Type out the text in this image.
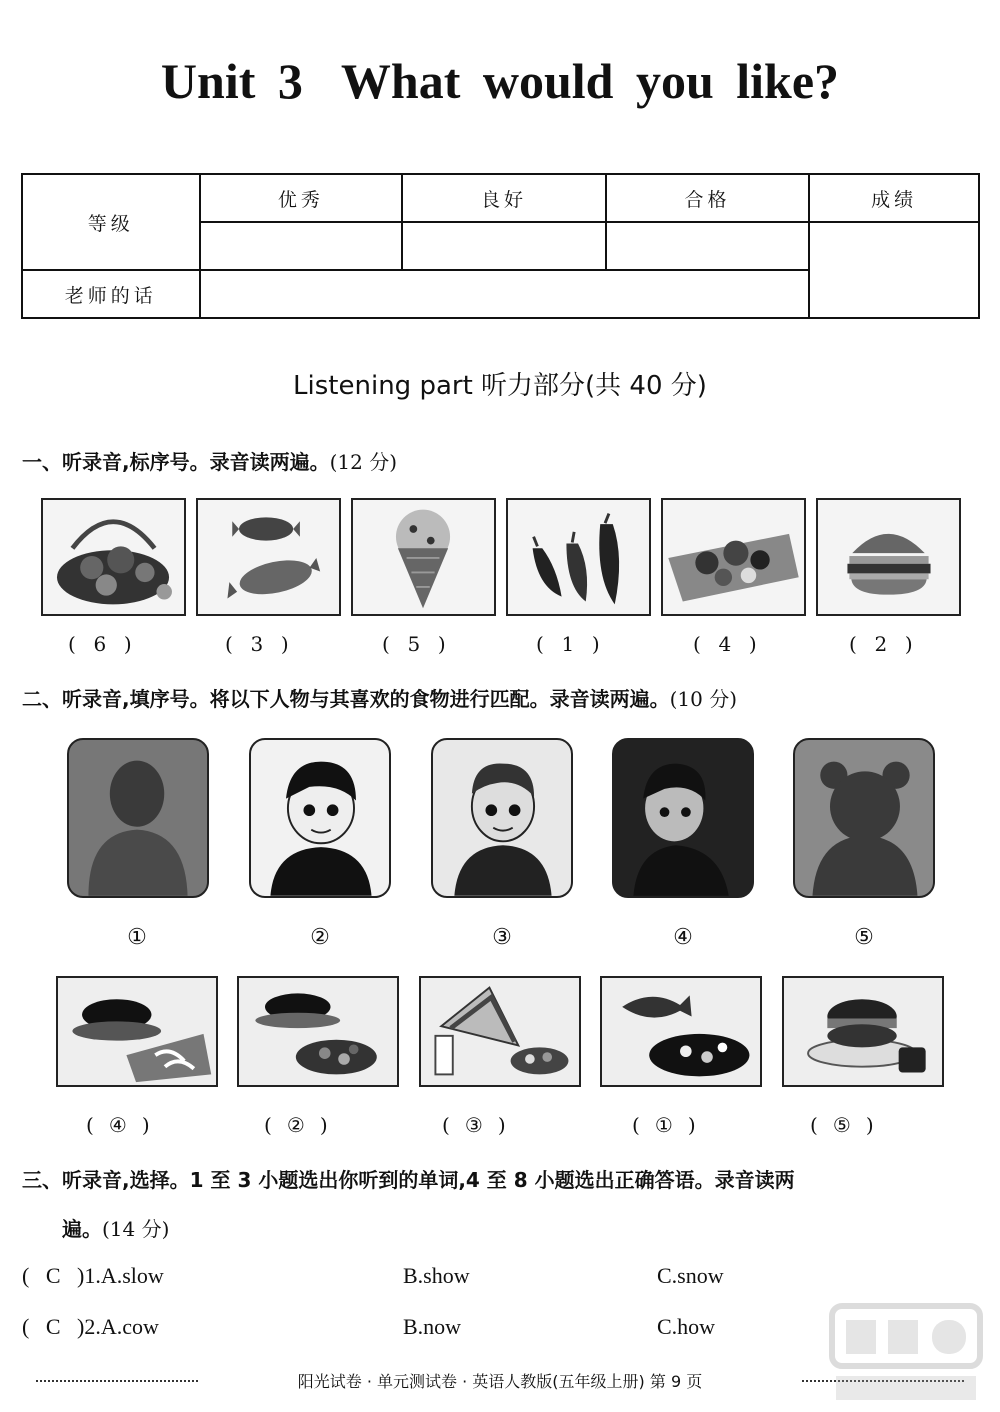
Unit 3 What would you like?
等级	优秀	良好	合格	成绩

老师的话				
Listening part 听力部分(共 40 分)
一、听录音,标序号。录音读两遍。(12 分)
( 6 )	( 3 )	( 5 )	( 1 )	( 4 )	( 2 )
二、听录音,填序号。将以下人物与其喜欢的食物进行匹配。录音读两遍。(10 分)
①	②	③	④	⑤
( ④ )	( ② )	( ③ )	( ① )	( ⑤ )
三、听录音,选择。1 至 3 小题选出你听到的单词,4 至 8 小题选出正确答语。录音读两
遍。(14 分)
(   C   )1.A.slow	B.show	C.snow
(   C   )2.A.cow	B.now	C.how
阳光试卷 · 单元测试卷 · 英语人教版(五年级上册) 第 9 页
